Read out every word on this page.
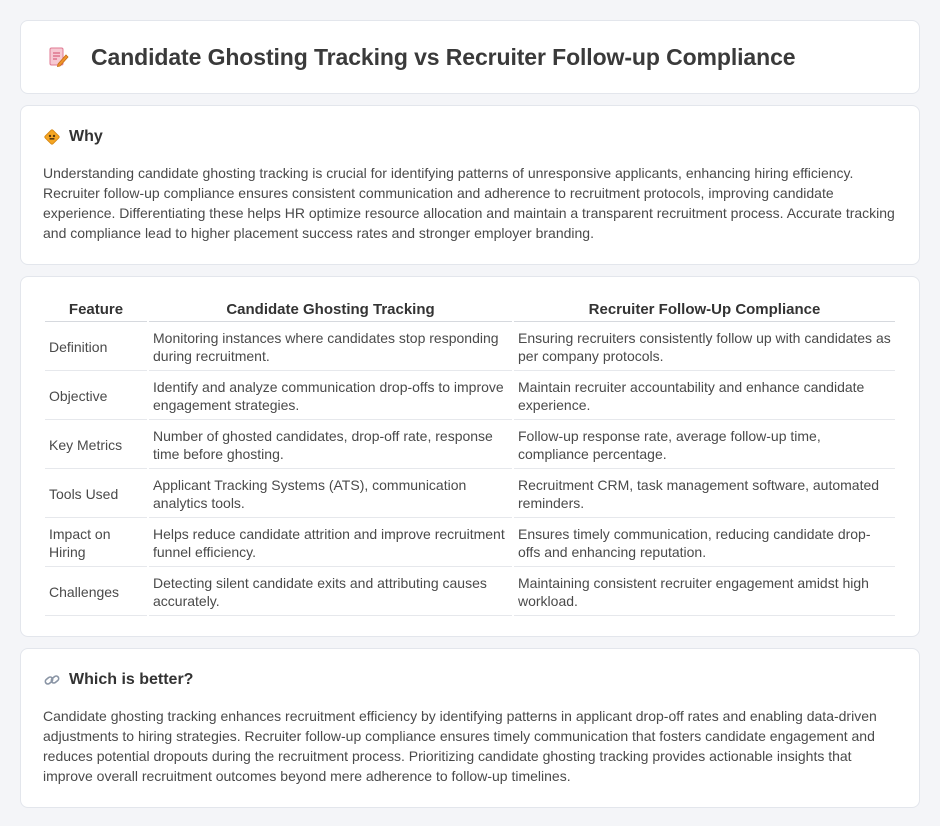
Candidate Ghosting Tracking vs Recruiter Follow-up Compliance
Why

Understanding candidate ghosting tracking is crucial for identifying patterns of unresponsive applicants, enhancing hiring efficiency. Recruiter follow-up compliance ensures consistent communication and adherence to recruitment protocols, improving candidate experience. Differentiating these helps HR optimize resource allocation and maintain a transparent recruitment process. Accurate tracking and compliance lead to higher placement success rates and stronger employer branding.

Feature	Candidate Ghosting Tracking	Recruiter Follow-Up Compliance
Definition	Monitoring instances where candidates stop responding during recruitment.	Ensuring recruiters consistently follow up with candidates as per company protocols.
Objective	Identify and analyze communication drop-offs to improve engagement strategies.	Maintain recruiter accountability and enhance candidate experience.
Key Metrics	Number of ghosted candidates, drop-off rate, response time before ghosting.	Follow-up response rate, average follow-up time, compliance percentage.
Tools Used	Applicant Tracking Systems (ATS), communication analytics tools.	Recruitment CRM, task management software, automated reminders.
Impact on Hiring	Helps reduce candidate attrition and improve recruitment funnel efficiency.	Ensures timely communication, reducing candidate drop-offs and enhancing reputation.
Challenges	Detecting silent candidate exits and attributing causes accurately.	Maintaining consistent recruiter engagement amidst high workload.
Which is better?

Candidate ghosting tracking enhances recruitment efficiency by identifying patterns in applicant drop-off rates and enabling data-driven adjustments to hiring strategies. Recruiter follow-up compliance ensures timely communication that fosters candidate engagement and reduces potential dropouts during the recruitment process. Prioritizing candidate ghosting tracking provides actionable insights that improve overall recruitment outcomes beyond mere adherence to follow-up timelines.
